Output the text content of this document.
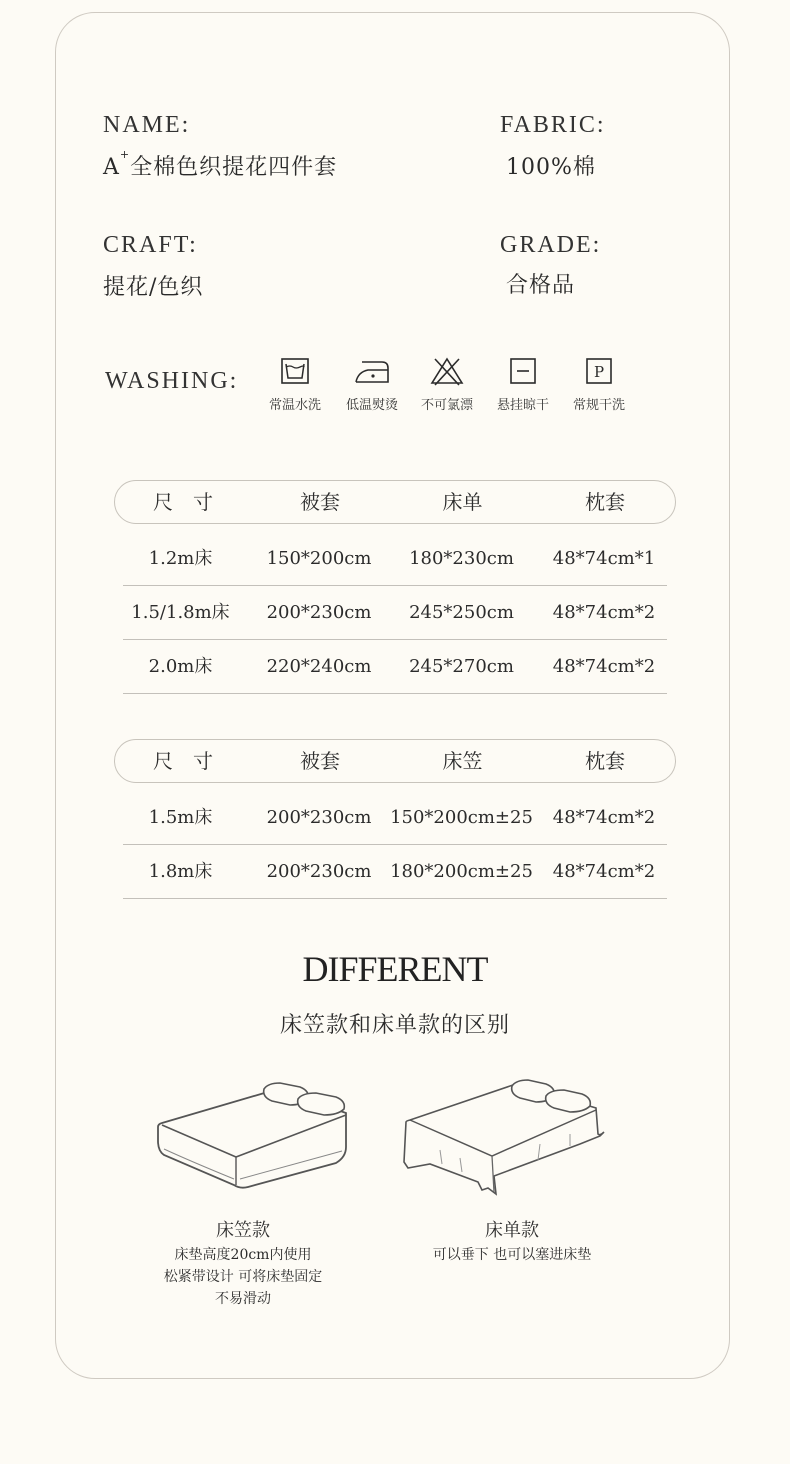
NAME:
A+全棉色织提花四件套
FABRIC:
100%棉
CRAFT:
提花/色织
GRADE:
合格品
WASHING:
常温水洗	低温熨烫	不可氯漂	悬挂晾干
P
常规干洗
尺　寸	被套	床单	枕套
1.2m床	150*200cm	180*230cm	48*74cm*1
1.5/1.8m床	200*230cm	245*250cm	48*74cm*2
2.0m床	220*240cm	245*270cm	48*74cm*2
尺　寸	被套	床笠	枕套
1.5m床	200*230cm	150*200cm±25	48*74cm*2
1.8m床	200*230cm	180*200cm±25	48*74cm*2
DIFFERENT
床笠款和床单款的区别
床笠款
床垫高度20cm内使用
松紧带设计 可将床垫固定
不易滑动
床单款
可以垂下 也可以塞进床垫
